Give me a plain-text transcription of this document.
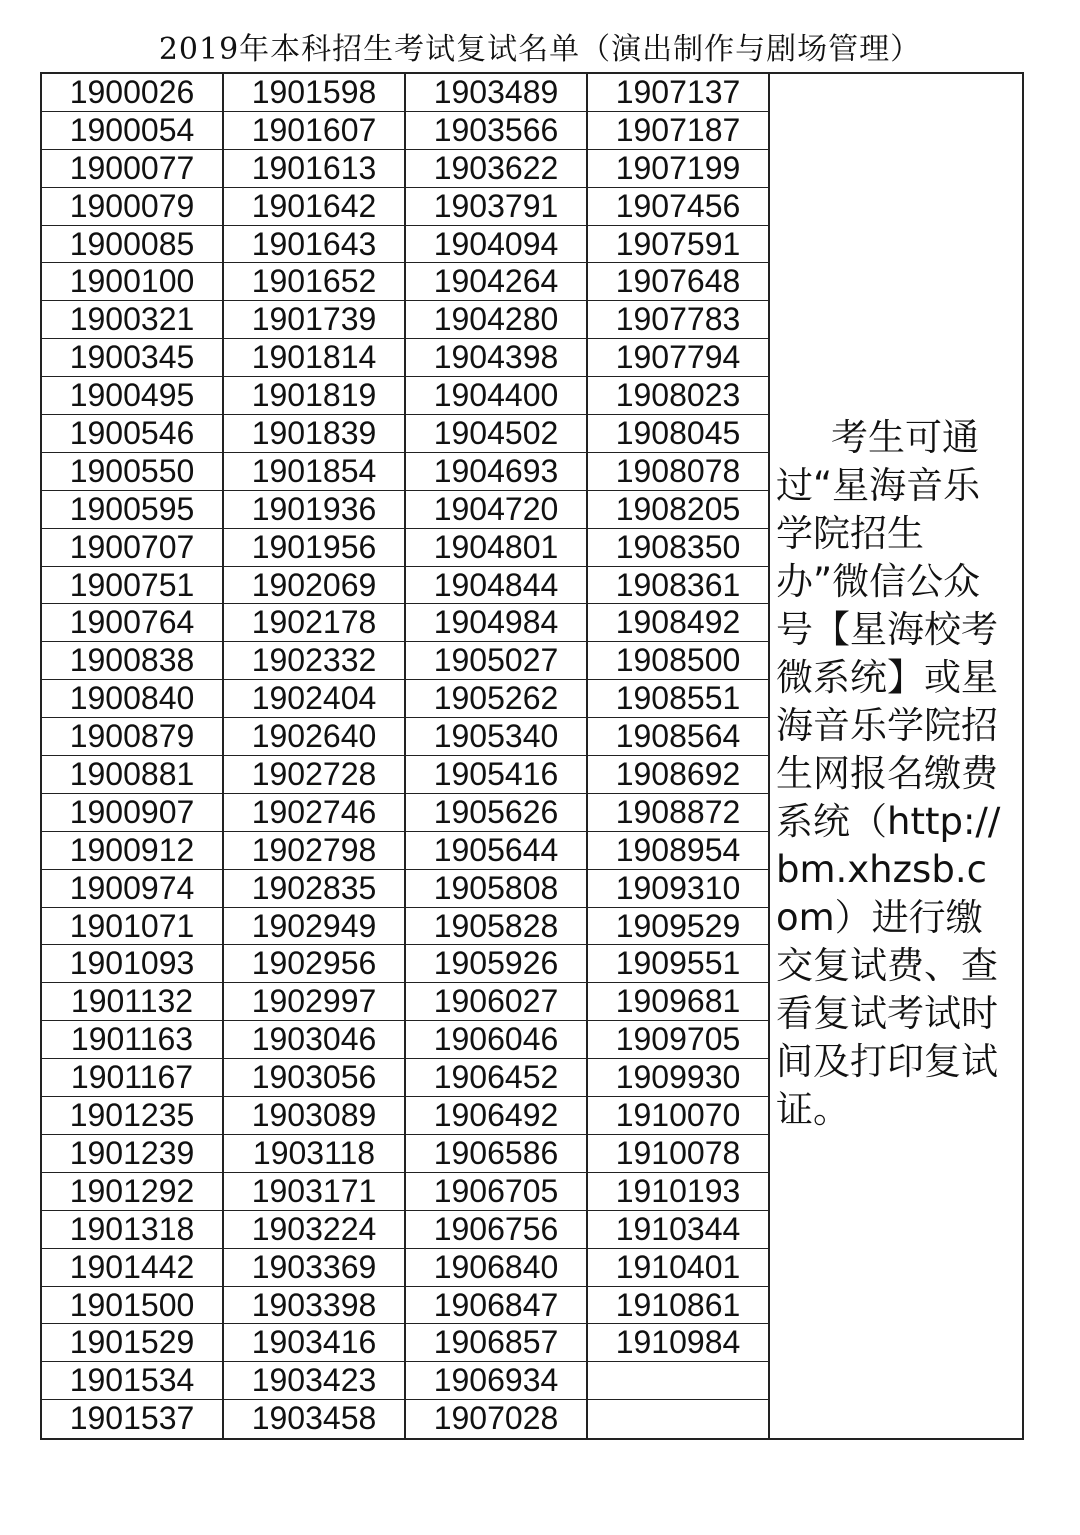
2019年本科招生考试复试名单（演出制作与剧场管理）
1900026
1900054
1900077
1900079
1900085
1900100
1900321
1900345
1900495
1900546
1900550
1900595
1900707
1900751
1900764
1900838
1900840
1900879
1900881
1900907
1900912
1900974
1901071
1901093
1901132
1901163
1901167
1901235
1901239
1901292
1901318
1901442
1901500
1901529
1901534
1901537
1901598
1901607
1901613
1901642
1901643
1901652
1901739
1901814
1901819
1901839
1901854
1901936
1901956
1902069
1902178
1902332
1902404
1902640
1902728
1902746
1902798
1902835
1902949
1902956
1902997
1903046
1903056
1903089
1903118
1903171
1903224
1903369
1903398
1903416
1903423
1903458
1903489
1903566
1903622
1903791
1904094
1904264
1904280
1904398
1904400
1904502
1904693
1904720
1904801
1904844
1904984
1905027
1905262
1905340
1905416
1905626
1905644
1905808
1905828
1905926
1906027
1906046
1906452
1906492
1906586
1906705
1906756
1906840
1906847
1906857
1906934
1907028
1907137
1907187
1907199
1907456
1907591
1907648
1907783
1907794
1908023
1908045
1908078
1908205
1908350
1908361
1908492
1908500
1908551
1908564
1908692
1908872
1908954
1909310
1909529
1909551
1909681
1909705
1909930
1910070
1910078
1910193
1910344
1910401
1910861
1910984
考生可通过“星海音乐学院招生办”微信公众号【星海校考微系统】或星海音乐学院招生网报名缴费系统（http://bm.xhzsb.com）进行缴交复试费、查看复试考试时间及打印复试证。
